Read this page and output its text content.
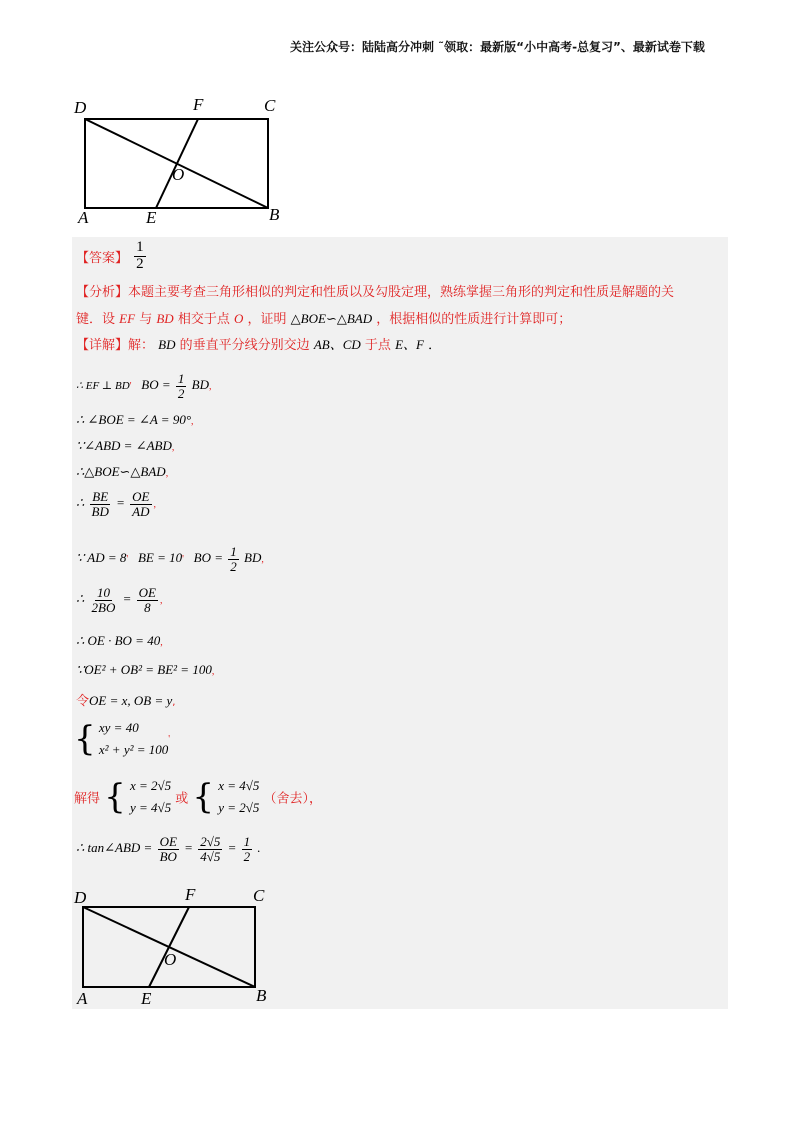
关注公众号：陆陆高分冲刺 ˜领取：最新版“小中高考-总复习”、最新试卷下载
D	F	C
O
A	E	B
【答案】 $\frac{1}{2}$
【分析】本题主要考查三角形相似的判定和性质以及勾股定理，熟练掌握三角形的判定和性质是解题的关
键．设 EF 与 BD 相交于点 O ，证明 △BOE∽△BAD ，根据相似的性质进行计算即可；
【详解】解： BD 的垂直平分线分别交边 AB、CD 于点 E、F ．
∴ EF ⊥ BD' BO = $\frac{1}{2}$ BD,
∴ ∠BOE = ∠A = 90°,
∵∠ABD = ∠ABD,
∴△BOE∽△BAD,
∴ $\frac{BE}{BD} = \frac{OE}{AD}$ ,
∵ AD = 8' BE = 10' BO = $\frac{1}{2}$ BD,
∴ $\frac{10}{2BO} = \frac{OE}{8}$ ,
∴ OE · BO = 40,
∵OE² + OB² = BE² = 100,
令OE = x, OB = y,
{ xy = 40
x² + y² = 100
'
解得 { x = 2√5
y = 4√5
或 { x = 4√5
y = 2√5
（舍去），
∴ tan∠ABD = $\frac{OE}{BO} = \frac{2√5}{4√5} = \frac{1}{2}$ .
D	F	C
O
A	E	B
